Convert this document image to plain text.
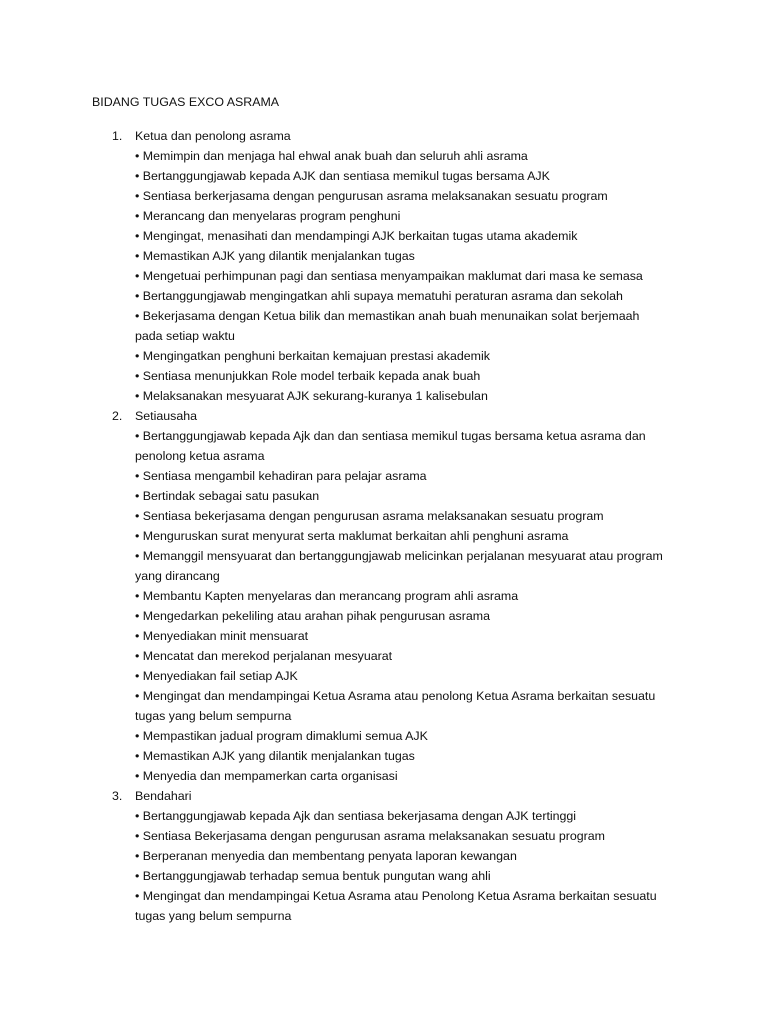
BIDANG TUGAS EXCO ASRAMA
1. Ketua dan penolong asrama
• Memimpin dan menjaga hal ehwal anak buah dan seluruh ahli asrama
• Bertanggungjawab kepada AJK dan sentiasa memikul tugas bersama AJK
• Sentiasa berkerjasama dengan pengurusan asrama melaksanakan sesuatu program
• Merancang dan menyelaras program penghuni
• Mengingat, menasihati dan mendampingi AJK berkaitan tugas utama akademik
• Memastikan AJK yang dilantik menjalankan tugas
• Mengetuai perhimpunan pagi dan sentiasa menyampaikan maklumat dari masa ke semasa
• Bertanggungjawab mengingatkan ahli supaya mematuhi peraturan asrama dan sekolah
• Bekerjasama dengan Ketua bilik dan memastikan anah buah menunaikan solat berjemaah pada setiap waktu
• Mengingatkan penghuni berkaitan kemajuan prestasi akademik
• Sentiasa menunjukkan Role model terbaik kepada anak buah
• Melaksanakan mesyuarat AJK sekurang-kuranya 1 kalisebulan
2. Setiausaha
• Bertanggungjawab kepada Ajk dan dan sentiasa memikul tugas bersama ketua asrama dan penolong ketua asrama
• Sentiasa mengambil kehadiran para pelajar asrama
• Bertindak sebagai satu pasukan
• Sentiasa bekerjasama dengan pengurusan asrama melaksanakan sesuatu program
• Menguruskan surat menyurat serta maklumat berkaitan ahli penghuni asrama
• Memanggil mensyuarat dan bertanggungjawab melicinkan perjalanan mesyuarat atau program yang dirancang
• Membantu Kapten menyelaras dan merancang program ahli asrama
• Mengedarkan pekeliling atau arahan pihak pengurusan asrama
• Menyediakan minit mensuarat
• Mencatat dan merekod perjalanan mesyuarat
• Menyediakan fail setiap AJK
• Mengingat dan mendampingai Ketua Asrama atau penolong Ketua Asrama berkaitan sesuatu tugas yang belum sempurna
• Mempastikan jadual program dimaklumi semua AJK
• Memastikan AJK yang dilantik menjalankan tugas
• Menyedia dan mempamerkan carta organisasi
3. Bendahari
• Bertanggungjawab kepada Ajk dan sentiasa bekerjasama dengan AJK tertinggi
• Sentiasa Bekerjasama dengan pengurusan asrama melaksanakan sesuatu program
• Berperanan menyedia dan membentang penyata laporan kewangan
• Bertanggungjawab terhadap semua bentuk pungutan wang ahli
• Mengingat dan mendampingai Ketua Asrama atau Penolong Ketua Asrama berkaitan sesuatu tugas yang belum sempurna
